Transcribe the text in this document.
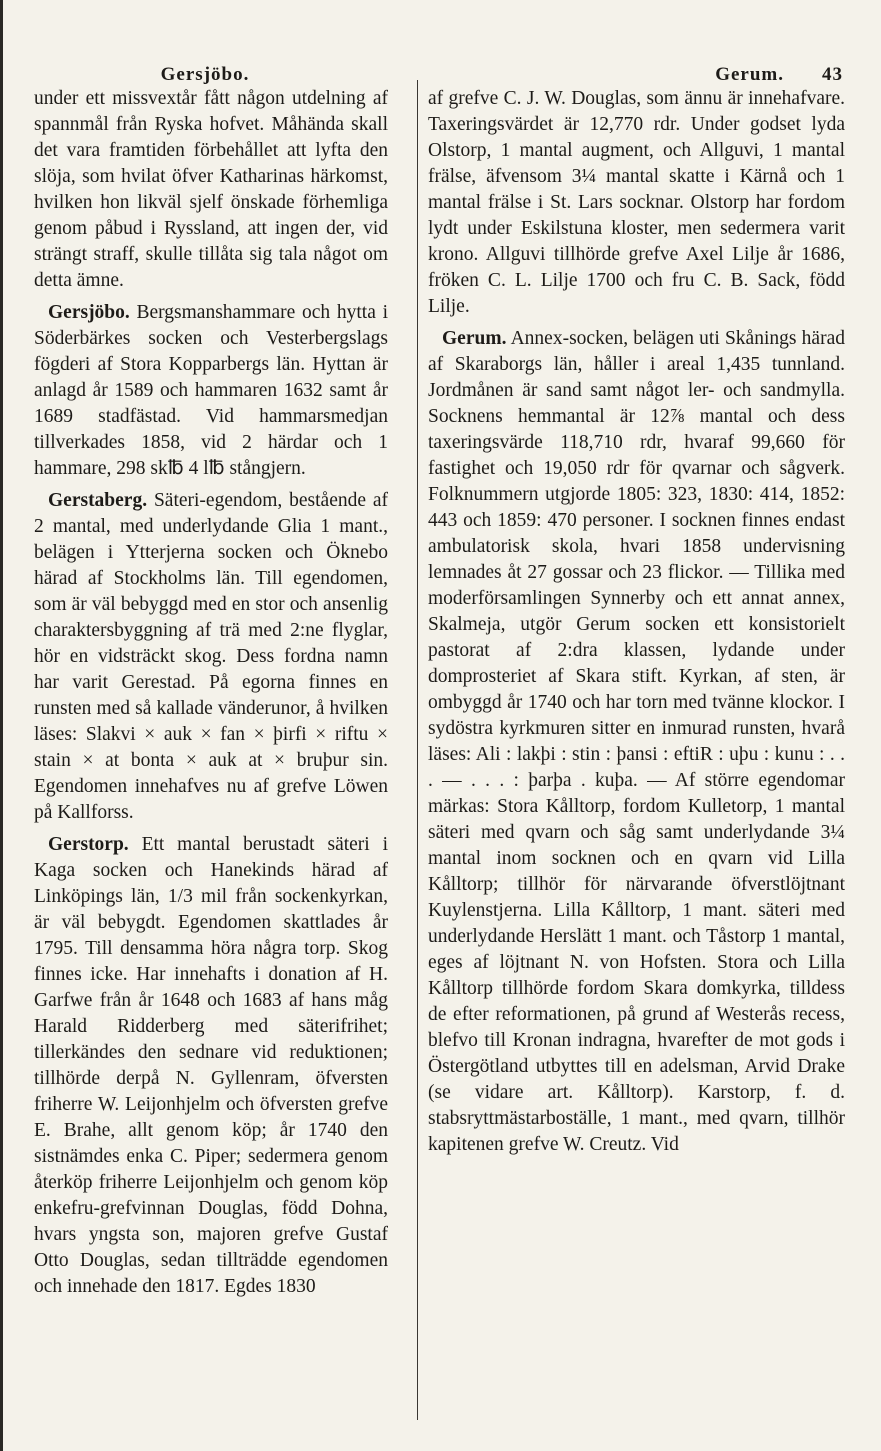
Gersjöbo.	Gerum.	43

under ett missvextår fått någon utdelning af spannmål från Ryska hofvet. Måhända skall det vara framtiden förbehållet att lyfta den slöja, som hvilat öfver Katharinas härkomst, hvilken hon likväl sjelf önskade förhemliga genom påbud i Ryssland, att ingen der, vid strängt straff, skulle tillåta sig tala något om detta ämne.

Gersjöbo. Bergsmanshammare och hytta i Söderbärkes socken och Vesterbergslags fögderi af Stora Kopparbergs län. Hyttan är anlagd år 1589 och hammaren 1632 samt år 1689 stadfästad. Vid hammarsmedjan tillverkades 1858, vid 2 härdar och 1 hammare, 298 sk℔ 4 l℔ stångjern.

Gerstaberg. Säteri-egendom, bestående af 2 mantal, med underlydande Glia 1 mant., belägen i Ytterjerna socken och Öknebo härad af Stockholms län. Till egendomen, som är väl bebyggd med en stor och ansenlig charaktersbyggning af trä med 2:ne flyglar, hör en vidsträckt skog. Dess fordna namn har varit Gerestad. På egorna finnes en runsten med så kallade vänderunor, å hvilken läses: Slakvi × auk × fan × þirfi × riftu × stain × at bonta × auk at × bruþur sin. Egendomen innehafves nu af grefve Löwen på Kallforss.

Gerstorp. Ett mantal berustadt säteri i Kaga socken och Hanekinds härad af Linköpings län, 1/3 mil från sockenkyrkan, är väl bebygdt. Egendomen skattlades år 1795. Till densamma höra några torp. Skog finnes icke. Har innehafts i donation af H. Garfwe från år 1648 och 1683 af hans måg Harald Ridderberg med säterifrihet; tillerkändes den sednare vid reduktionen; tillhörde derpå N. Gyllenram, öfversten friherre W. Leijonhjelm och öfversten grefve E. Brahe, allt genom köp; år 1740 den sistnämdes enka C. Piper; sedermera genom återköp friherre Leijonhjelm och genom köp enkefru-grefvinnan Douglas, född Dohna, hvars yngsta son, majoren grefve Gustaf Otto Douglas, sedan tillträdde egendomen och innehade den 1817. Egdes 1830

af grefve C. J. W. Douglas, som ännu är innehafvare. Taxeringsvärdet är 12,770 rdr. Under godset lyda Olstorp, 1 mantal augment, och Allguvi, 1 mantal frälse, äfvensom 3¼ mantal skatte i Kärnå och 1 mantal frälse i St. Lars socknar. Olstorp har fordom lydt under Eskilstuna kloster, men sedermera varit krono. Allguvi tillhörde grefve Axel Lilje år 1686, fröken C. L. Lilje 1700 och fru C. B. Sack, född Lilje.

Gerum. Annex-socken, belägen uti Skånings härad af Skaraborgs län, håller i areal 1,435 tunnland. Jordmånen är sand samt något ler- och sandmylla. Socknens hemmantal är 12⅞ mantal och dess taxeringsvärde 118,710 rdr, hvaraf 99,660 för fastighet och 19,050 rdr för qvarnar och sågverk. Folknummern utgjorde 1805: 323, 1830: 414, 1852: 443 och 1859: 470 personer. I socknen finnes endast ambulatorisk skola, hvari 1858 undervisning lemnades åt 27 gossar och 23 flickor. — Tillika med moderförsamlingen Synnerby och ett annat annex, Skalmeja, utgör Gerum socken ett konsistorielt pastorat af 2:dra klassen, lydande under domprosteriet af Skara stift. Kyrkan, af sten, är ombyggd år 1740 och har torn med tvänne klockor. I sydöstra kyrkmuren sitter en inmurad runsten, hvarå läses: Ali : lakþi : stin : þansi : eftiR : uþu : kunu : . . . — . . . : þarþa . kuþa. — Af större egendomar märkas: Stora Kålltorp, fordom Kulletorp, 1 mantal säteri med qvarn och såg samt underlydande 3¼ mantal inom socknen och en qvarn vid Lilla Kålltorp; tillhör för närvarande öfverstlöjtnant Kuylenstjerna. Lilla Kålltorp, 1 mant. säteri med underlydande Herslätt 1 mant. och Tåstorp 1 mantal, eges af löjtnant N. von Hofsten. Stora och Lilla Kålltorp tillhörde fordom Skara domkyrka, tilldess de efter reformationen, på grund af Westerås recess, blefvo till Kronan indragna, hvarefter de mot gods i Östergötland utbyttes till en adelsman, Arvid Drake (se vidare art. Kålltorp). Karstorp, f. d. stabsryttmästarboställe, 1 mant., med qvarn, tillhör kapitenen grefve W. Creutz. Vid
